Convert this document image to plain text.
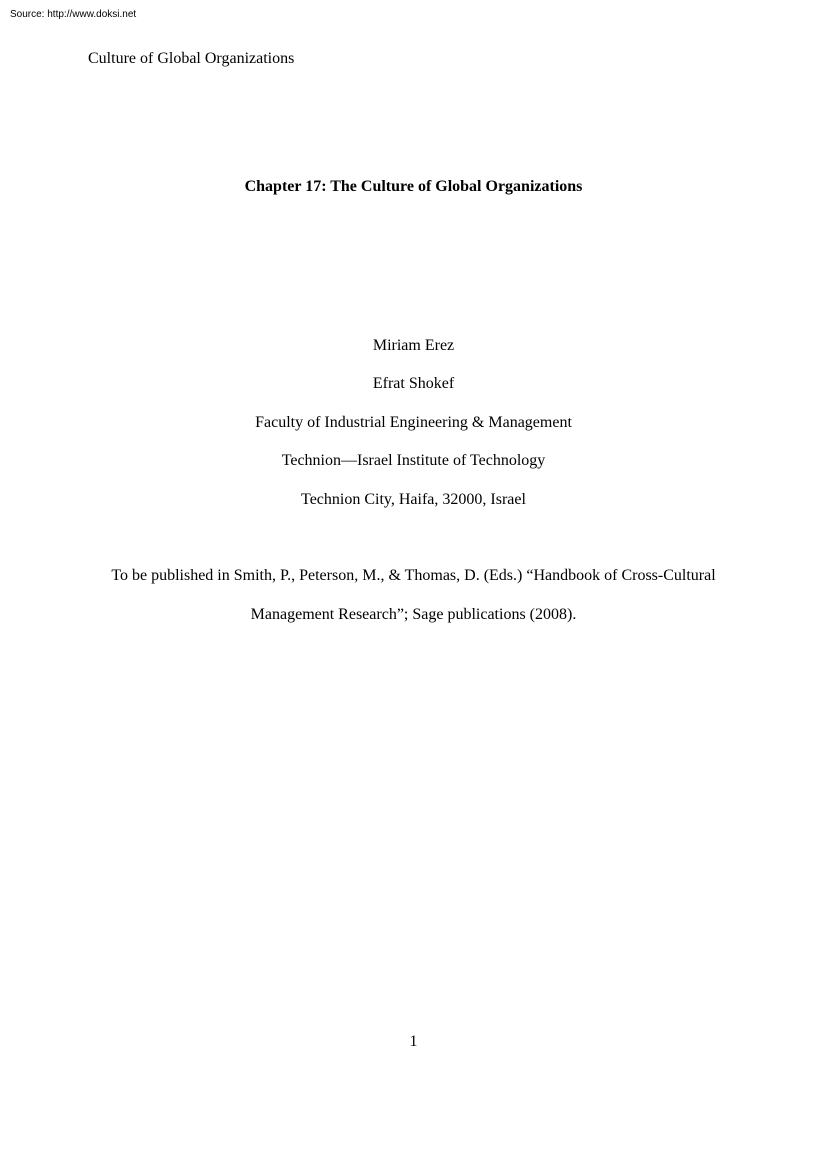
Source: http://www.doksi.net
Culture of Global Organizations
Chapter 17: The Culture of Global Organizations
Miriam Erez
Efrat Shokef
Faculty of Industrial Engineering & Management
Technion—Israel Institute of Technology
Technion City, Haifa, 32000, Israel
To be published in Smith, P., Peterson, M., & Thomas, D. (Eds.) “Handbook of Cross-Cultural
Management Research”; Sage publications (2008).
1
